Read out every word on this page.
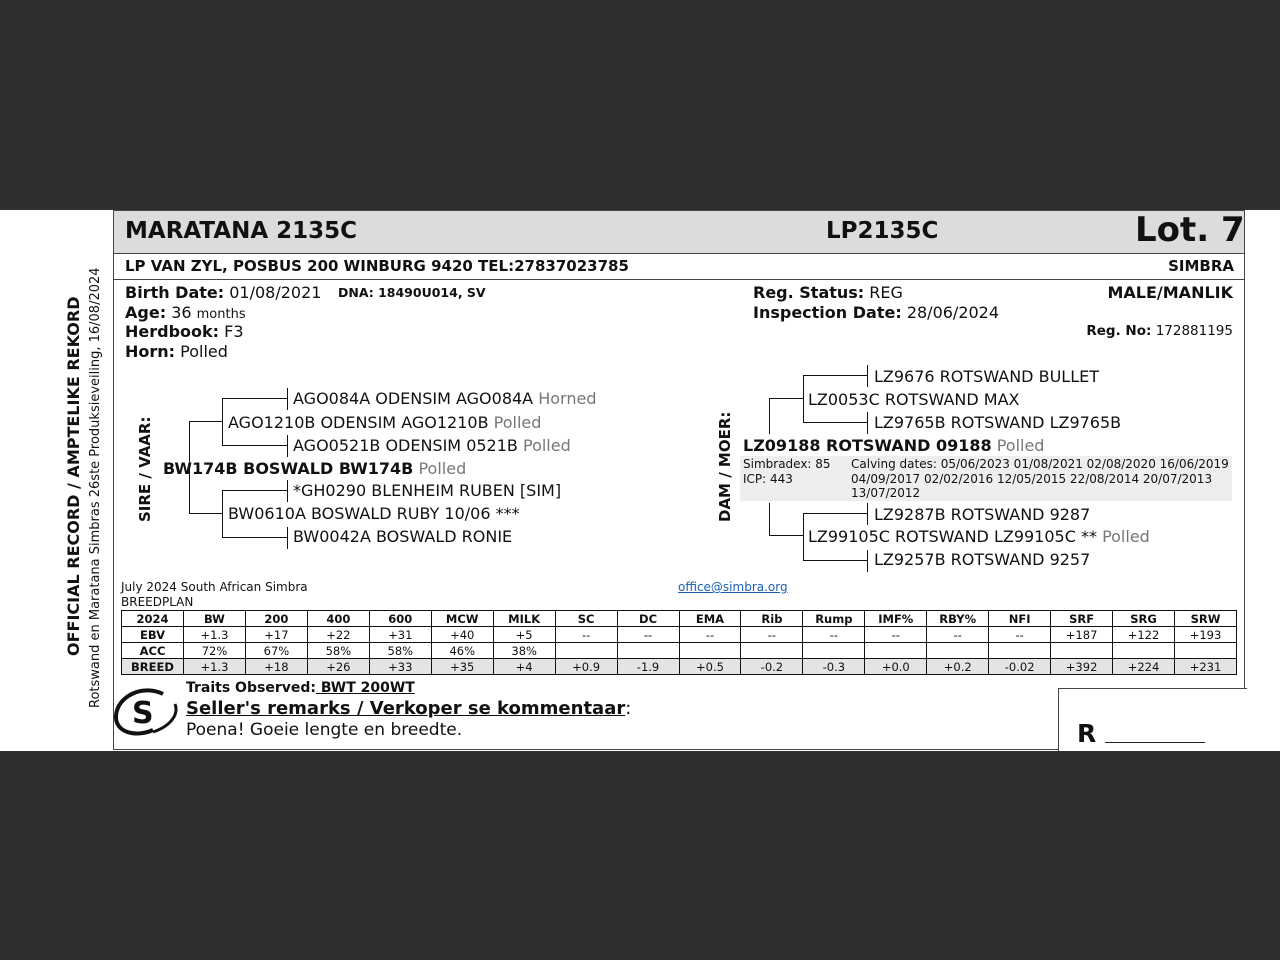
OFFICIAL RECORD / AMPTELIKE REKORD Rotswand en Maratana Simbras 26ste Produksieveiling, 16/08/2024
MARATANA 2135C	LP2135C	Lot. 7
LP VAN ZYL, POSBUS 200 WINBURG 9420 TEL:27837023785	SIMBRA
Birth Date: 01/08/2021 DNA: 18490U014, SV
Age: 36 months
Herdbook: F3
Horn: Polled
Reg. Status: REG	MALE/MANLIK
Inspection Date: 28/06/2024
Reg. No: 172881195
SIRE / VAAR:
AGO084A ODENSIM AGO084A Horned
AGO1210B ODENSIM AGO1210B Polled
AGO0521B ODENSIM 0521B Polled
BW174B BOSWALD BW174B Polled
*GH0290 BLENHEIM RUBEN [SIM]
BW0610A BOSWALD RUBY 10/06 ***
BW0042A BOSWALD RONIE
DAM / MOER:
LZ9676 ROTSWAND BULLET
LZ0053C ROTSWAND MAX
LZ9765B ROTSWAND LZ9765B
LZ09188 ROTSWAND 09188 Polled
Simbradex: 85
ICP: 443
Calving dates: 05/06/2023 01/08/2021 02/08/2020 16/06/2019
04/09/2017 02/02/2016 12/05/2015 22/08/2014 20/07/2013
13/07/2012
LZ9287B ROTSWAND 9287
LZ99105C ROTSWAND LZ99105C ** Polled
LZ9257B ROTSWAND 9257
July 2024 South African Simbra
BREEDPLAN
office@simbra.org
2024	BW	200	400	600	MCW	MILK	SC	DC	EMA	Rib	Rump	IMF%	RBY%	NFI	SRF	SRG	SRW
EBV	+1.3	+17	+22	+31	+40	+5	--	--	--	--	--	--	--	--	+187	+122	+193
ACC	72%	67%	58%	58%	46%	38%											
BREED	+1.3	+18	+26	+33	+35	+4	+0.9	-1.9	+0.5	-0.2	-0.3	+0.0	+0.2	-0.02	+392	+224	+231
S
Traits Observed: BWT 200WT
Seller's remarks / Verkoper se kommentaar:
Poena! Goeie lengte en breedte.	R __________________
